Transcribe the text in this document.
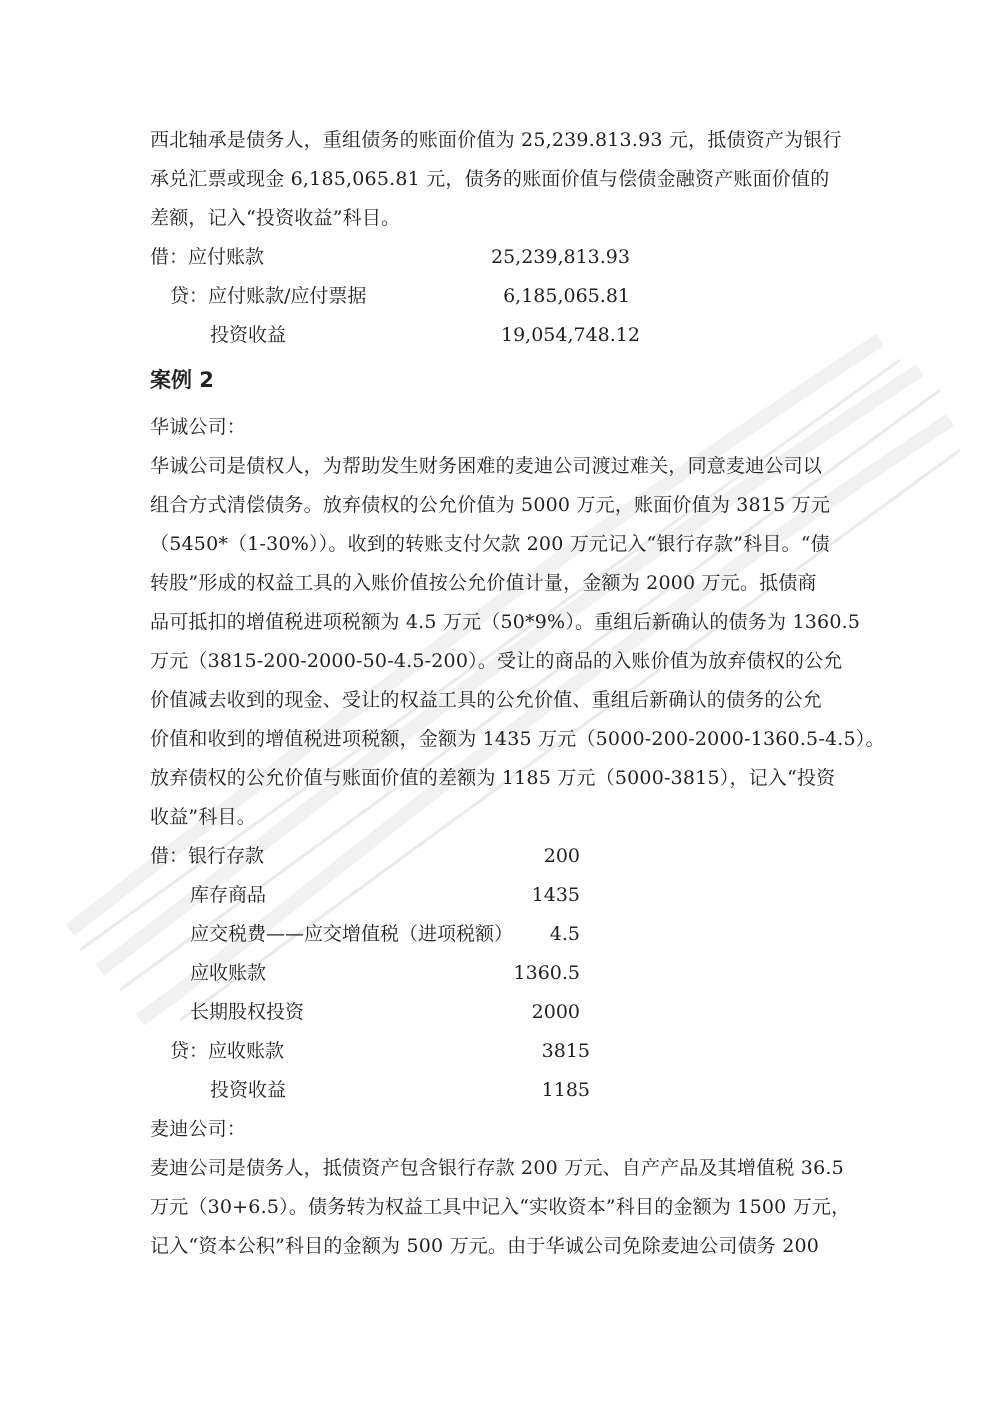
西北轴承是债务人，重组债务的账面价值为 25,239.813.93 元，抵债资产为银行
承兑汇票或现金 6,185,065.81 元，债务的账面价值与偿债金融资产账面价值的
差额，记入“投资收益”科目。
借：应付账款	25,239,813.93
贷：应付账款/应付票据	6,185,065.81
投资收益	19,054,748.12
案例 2
华诚公司：
华诚公司是债权人，为帮助发生财务困难的麦迪公司渡过难关，同意麦迪公司以
组合方式清偿债务。放弃债权的公允价值为 5000 万元，账面价值为 3815 万元
（5450*（1-30%））。收到的转账支付欠款 200 万元记入“银行存款”科目。“债
转股”形成的权益工具的入账价值按公允价值计量，金额为 2000 万元。抵债商
品可抵扣的增值税进项税额为 4.5 万元（50*9%）。重组后新确认的债务为 1360.5
万元（3815-200-2000-50-4.5-200）。受让的商品的入账价值为放弃债权的公允
价值减去收到的现金、受让的权益工具的公允价值、重组后新确认的债务的公允
价值和收到的增值税进项税额，金额为 1435 万元（5000-200-2000-1360.5-4.5）。
放弃债权的公允价值与账面价值的差额为 1185 万元（5000-3815），记入“投资
收益”科目。
借：银行存款	200
库存商品	1435
应交税费——应交增值税（进项税额）	4.5
应收账款	1360.5
长期股权投资	2000
贷：应收账款	3815
投资收益	1185
麦迪公司：
麦迪公司是债务人，抵债资产包含银行存款 200 万元、自产产品及其增值税 36.5
万元（30+6.5）。债务转为权益工具中记入“实收资本”科目的金额为 1500 万元，
记入“资本公积”科目的金额为 500 万元。由于华诚公司免除麦迪公司债务 200
